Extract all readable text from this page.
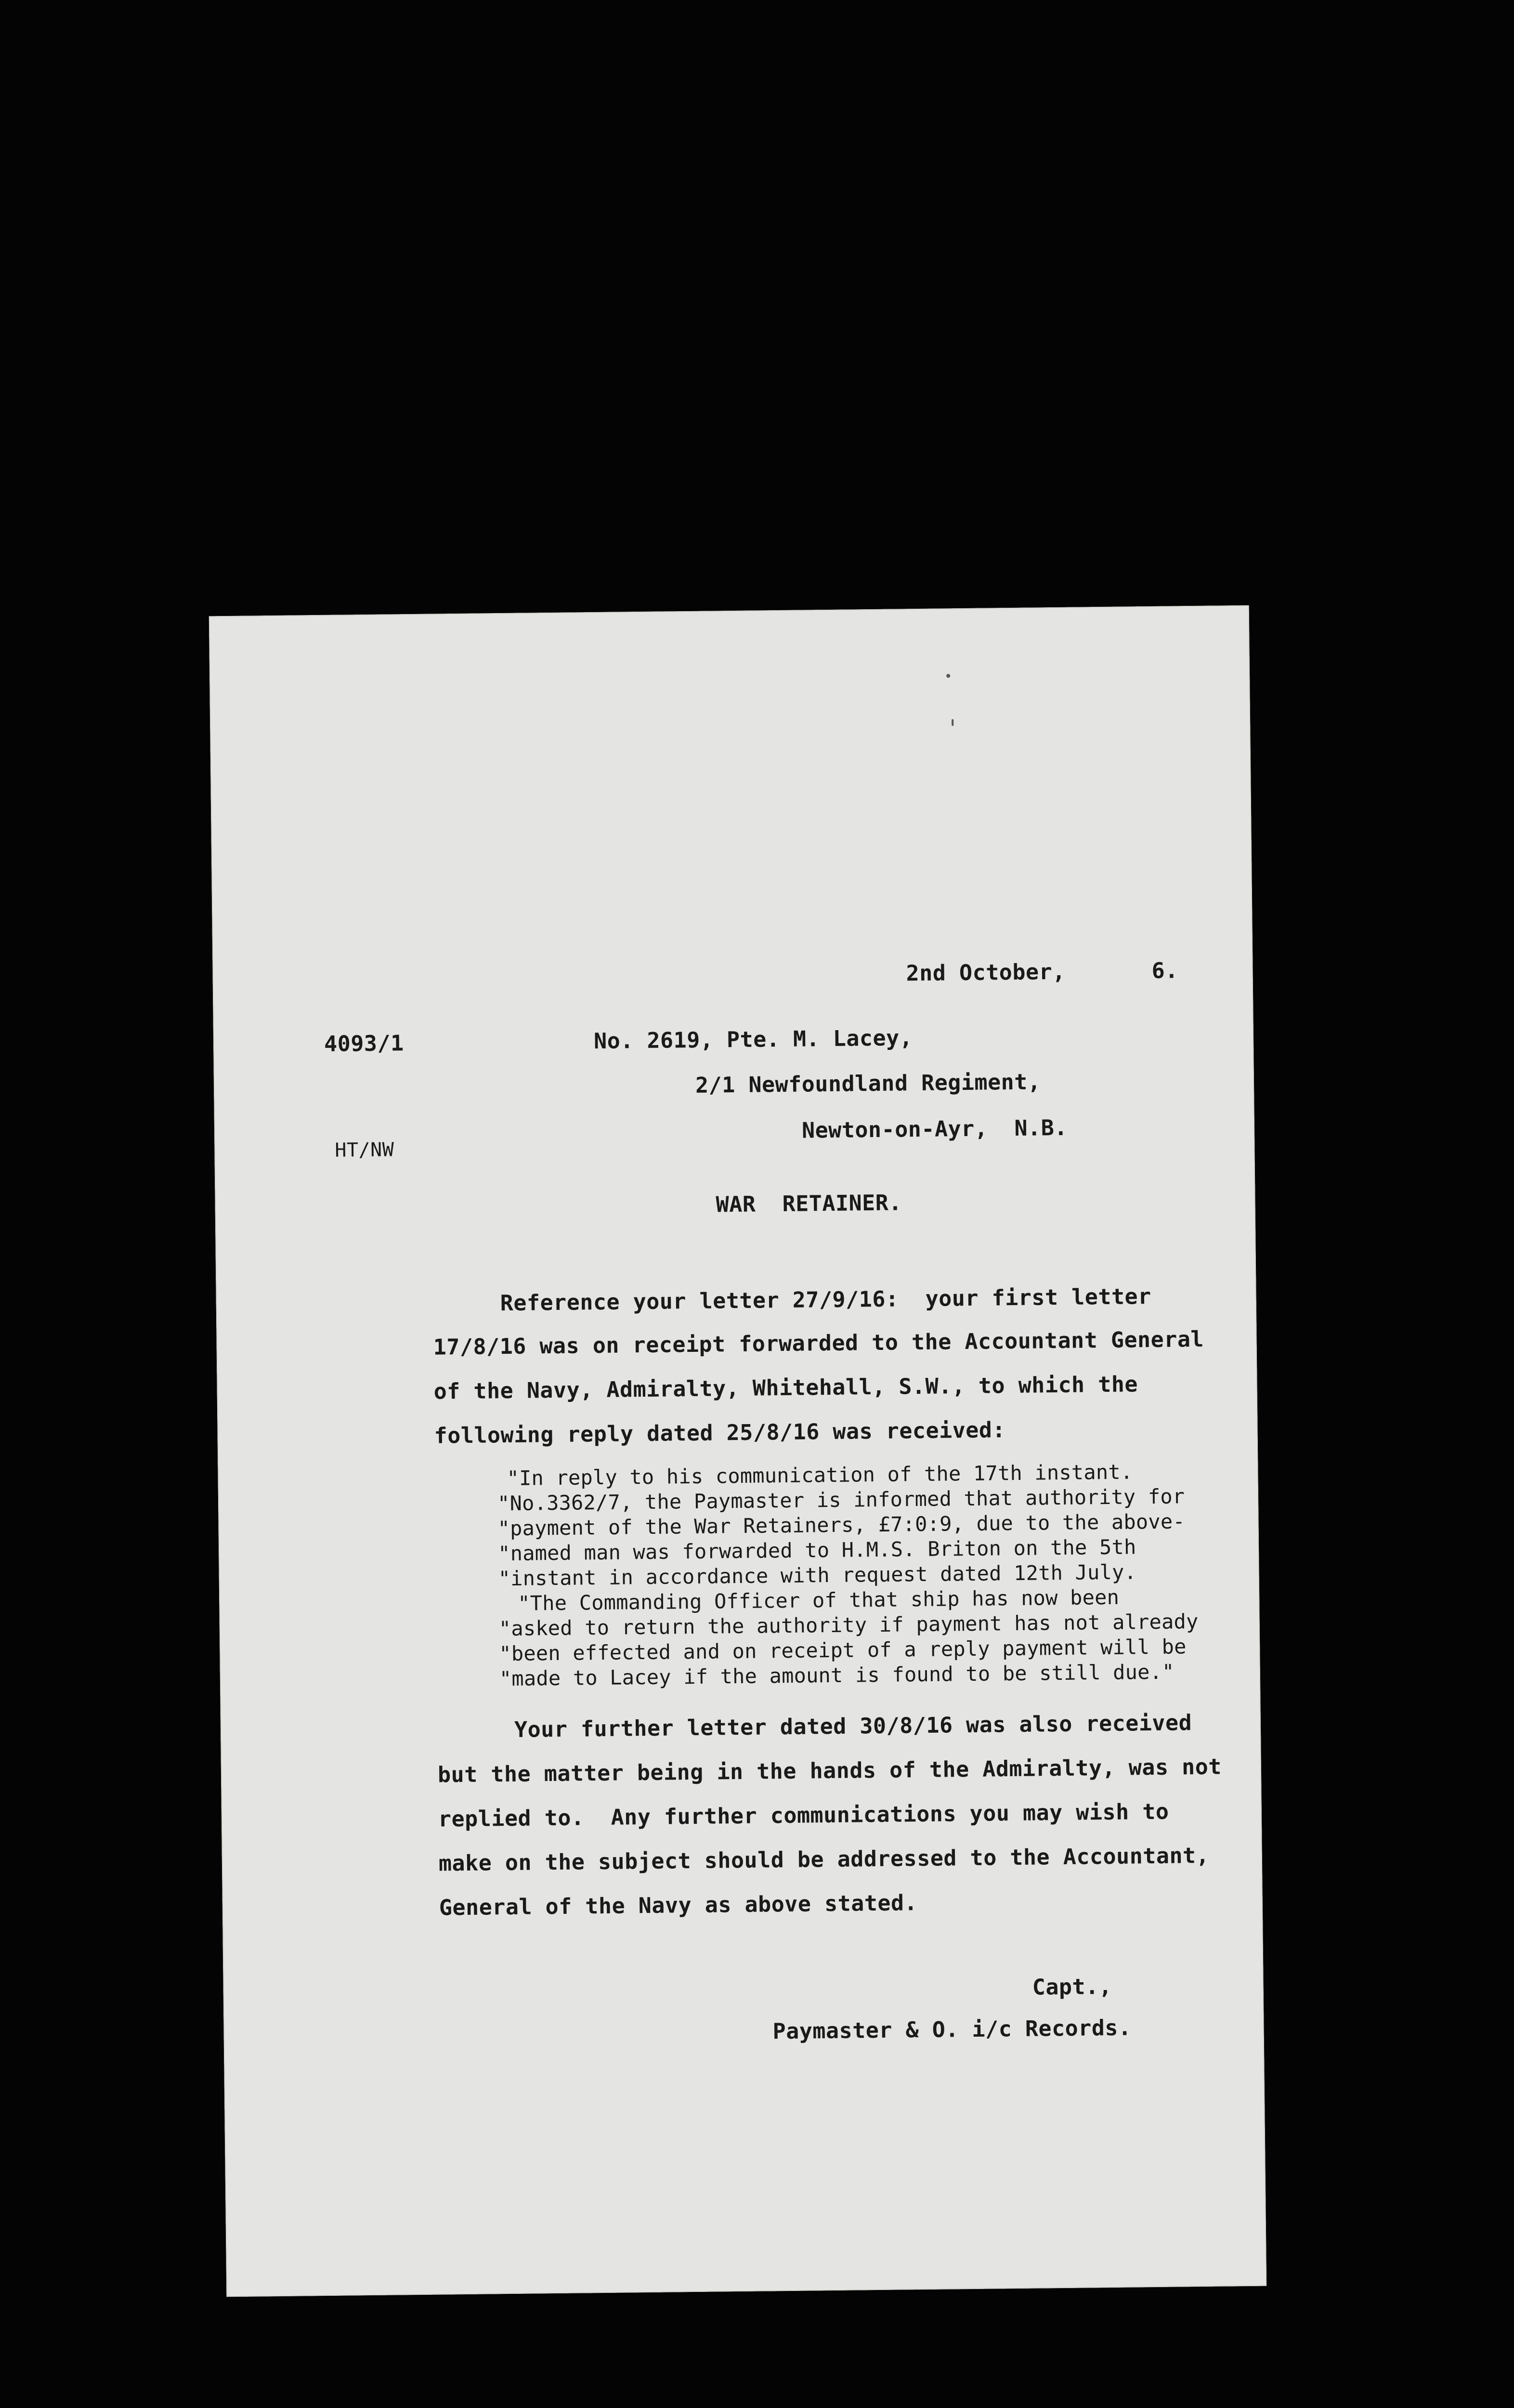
2nd October,	6.
4093/1
HT/NW
No. 2619, Pte. M. Lacey,
2/1 Newfoundland Regiment,
Newton-on-Ayr,  N.B.
WAR  RETAINER.
Reference your letter 27/9/16:  your first letter
17/8/16 was on receipt forwarded to the Accountant General
of the Navy, Admiralty, Whitehall, S.W., to which the
following reply dated 25/8/16 was received:
"In reply to his communication of the 17th instant.
"No.3362/7, the Paymaster is informed that authority for
"payment of the War Retainers, £7:0:9, due to the above-
"named man was forwarded to H.M.S. Briton on the 5th
"instant in accordance with request dated 12th July.
"The Commanding Officer of that ship has now been
"asked to return the authority if payment has not already
"been effected and on receipt of a reply payment will be
"made to Lacey if the amount is found to be still due."
Your further letter dated 30/8/16 was also received
but the matter being in the hands of the Admiralty, was not
replied to.  Any further communications you may wish to
make on the subject should be addressed to the Accountant,
General of the Navy as above stated.
Capt.,
Paymaster & O. i/c Records.
